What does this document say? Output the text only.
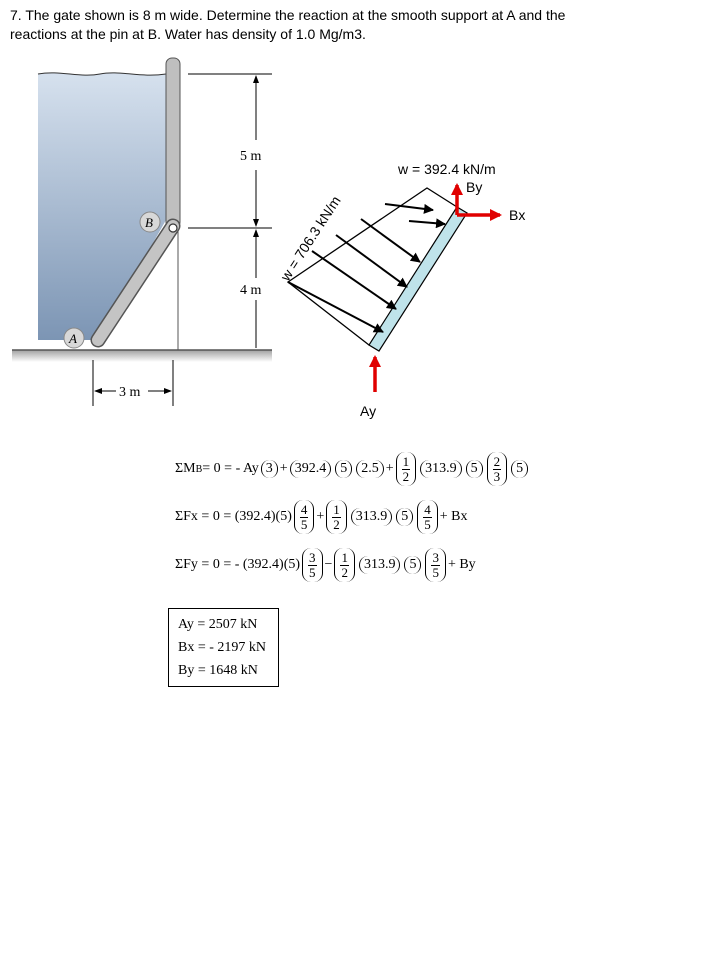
7. The gate shown is 8 m wide. Determine the reaction at the smooth support at A and the
reactions at the pin at B. Water has density of 1.0 Mg/m3.
B
A
5 m
4 m
3 m
w = 392.4 kN/m
w = 706.3 kN/m
By
Bx
Ay
ΣM B = 0 = - Ay 3 + 392.4	5	$2.5 + \frac{1}{2}$	313.9	5	$\frac{2}{3}$	5
$\Sigma Fx = 0 = (392.4)(5) \frac{4}{5} + \frac{1}{2}$	313.9	5	$\frac{4}{5} + Bx$
ΣFy = 0 = - $(392.4)(5) \frac{3}{5} - \frac{1}{2}$	313.9	5	$\frac{3}{5} + By$
Ay = 2507 kN
Bx = - 2197 kN
By = 1648 kN
